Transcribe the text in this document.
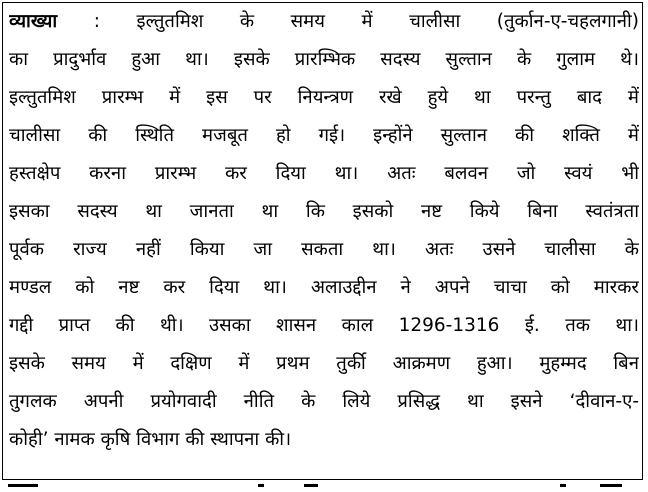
व्याख्या : इल्तुतमिश के समय में चालीसा (तुर्कान-ए-चहलगानी)
का प्रादुर्भाव हुआ था। इसके प्रारम्भिक सदस्य सुल्तान के गुलाम थे।
इल्तुतमिश प्रारम्भ में इस पर नियन्त्रण रखे हुये था परन्तु बाद में
चालीसा की स्थिति मजबूत हो गई। इन्होंने सुल्तान की शक्ति में
हस्तक्षेप करना प्रारम्भ कर दिया था। अतः बलवन जो स्वयं भी
इसका सदस्य था जानता था कि इसको नष्ट किये बिना स्वतंत्रता
पूर्वक राज्य नहीं किया जा सकता था। अतः उसने चालीसा के
मण्डल को नष्ट कर दिया था। अलाउद्दीन ने अपने चाचा को मारकर
गद्दी प्राप्त की थी। उसका शासन काल 1296-1316 ई. तक था।
इसके समय में दक्षिण में प्रथम तुर्की आक्रमण हुआ। मुहम्मद बिन
तुगलक अपनी प्रयोगवादी नीति के लिये प्रसिद्ध था इसने ‘दीवान-ए-
कोही’ नामक कृषि विभाग की स्थापना की।
